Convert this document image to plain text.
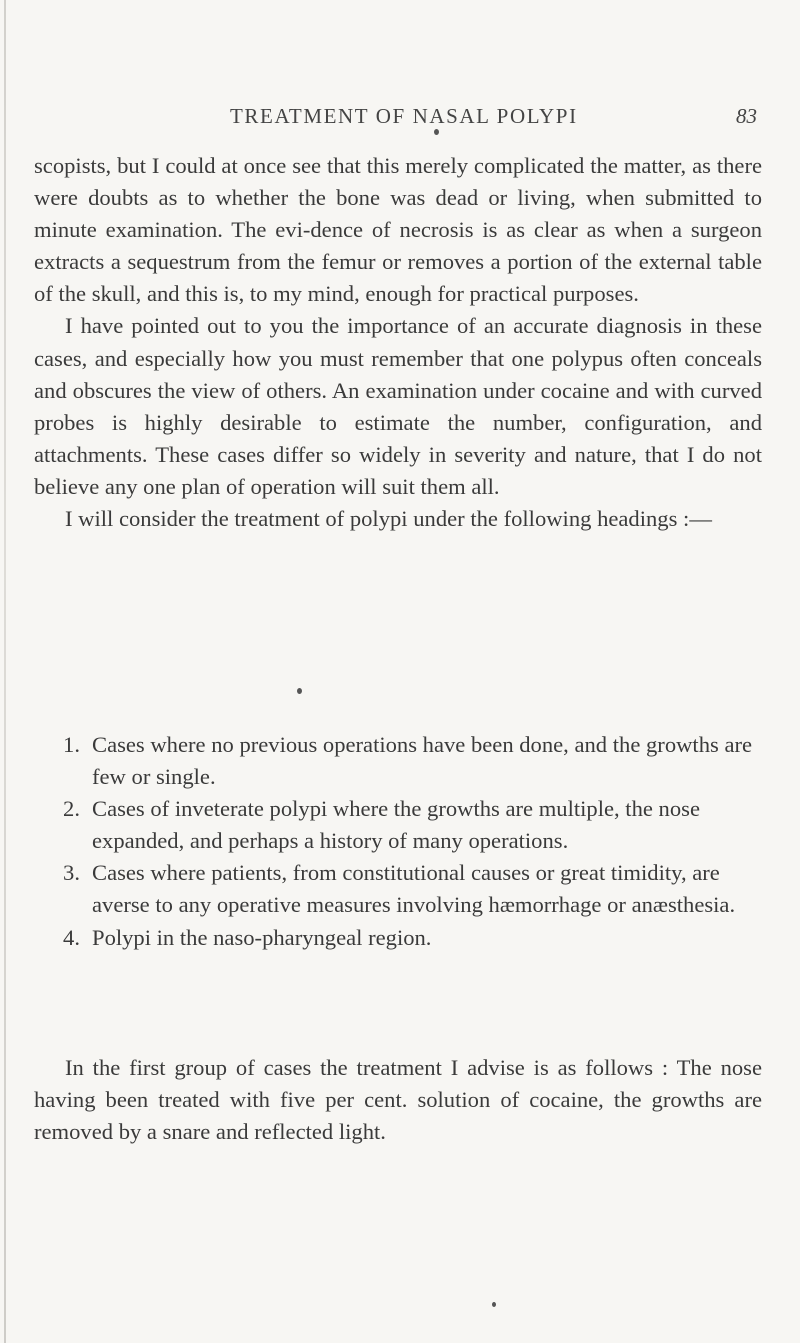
TREATMENT OF NASAL POLYPI	83

scopists, but I could at once see that this merely complicated the matter, as there were doubts as to whether the bone was dead or living, when submitted to minute examination. The evi-dence of necrosis is as clear as when a surgeon extracts a sequestrum from the femur or removes a portion of the external table of the skull, and this is, to my mind, enough for practical purposes.

I have pointed out to you the importance of an accurate diagnosis in these cases, and especially how you must remember that one polypus often conceals and obscures the view of others. An examination under cocaine and with curved probes is highly desirable to estimate the number, configuration, and attachments. These cases differ so widely in severity and nature, that I do not believe any one plan of operation will suit them all.

I will consider the treatment of polypi under the following headings :—

1. Cases where no previous operations have been done, and the growths are few or single.
2. Cases of inveterate polypi where the growths are multiple, the nose expanded, and perhaps a history of many operations.
3. Cases where patients, from constitutional causes or great timidity, are averse to any operative measures involving hæmorrhage or anæsthesia.
4. Polypi in the naso-pharyngeal region.

In the first group of cases the treatment I advise is as follows : The nose having been treated with five per cent. solution of cocaine, the growths are removed by a snare and reflected light.
